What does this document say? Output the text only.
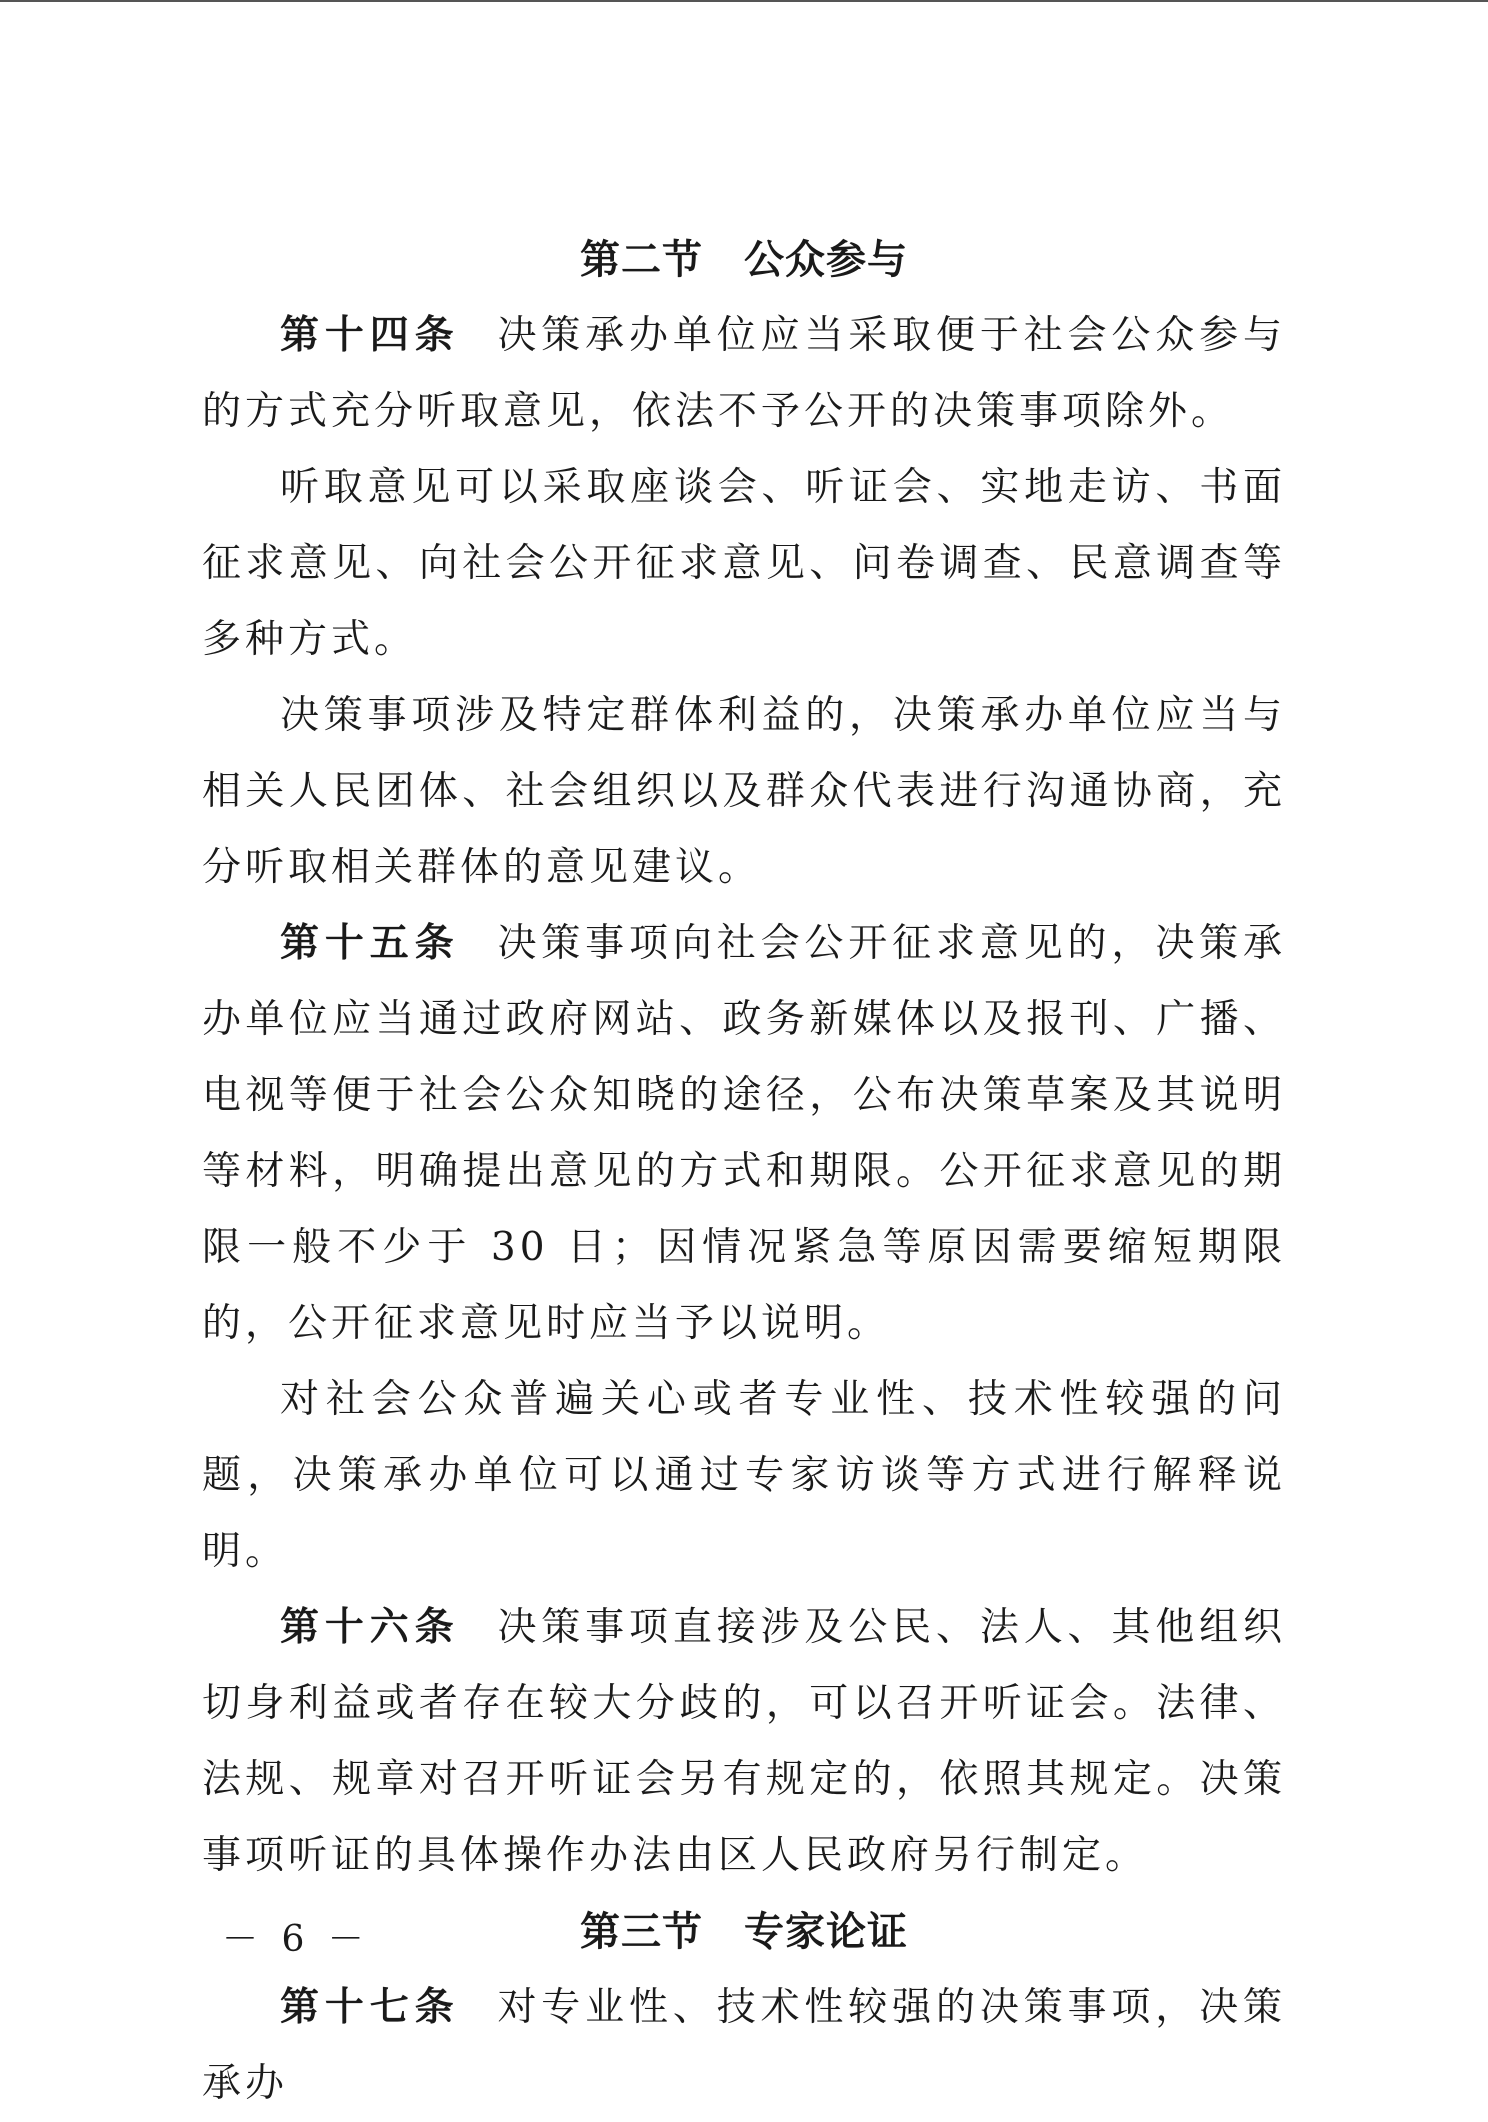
第二节　公众参与

第十四条 决策承办单位应当采取便于社会公众参与的方式充分听取意见，依法不予公开的决策事项除外。

听取意见可以采取座谈会、听证会、实地走访、书面征求意见、向社会公开征求意见、问卷调查、民意调查等多种方式。

决策事项涉及特定群体利益的，决策承办单位应当与相关人民团体、社会组织以及群众代表进行沟通协商，充分听取相关群体的意见建议。

第十五条 决策事项向社会公开征求意见的，决策承办单位应当通过政府网站、政务新媒体以及报刊、广播、电视等便于社会公众知晓的途径，公布决策草案及其说明等材料，明确提出意见的方式和期限。公开征求意见的期限一般不少于 30 日；因情况紧急等原因需要缩短期限的，公开征求意见时应当予以说明。

对社会公众普遍关心或者专业性、技术性较强的问题，决策承办单位可以通过专家访谈等方式进行解释说明。

第十六条 决策事项直接涉及公民、法人、其他组织切身利益或者存在较大分歧的，可以召开听证会。法律、法规、规章对召开听证会另有规定的，依照其规定。决策事项听证的具体操作办法由区人民政府另行制定。

第三节　专家论证

第十七条 对专业性、技术性较强的决策事项，决策承办

－ 6 －
